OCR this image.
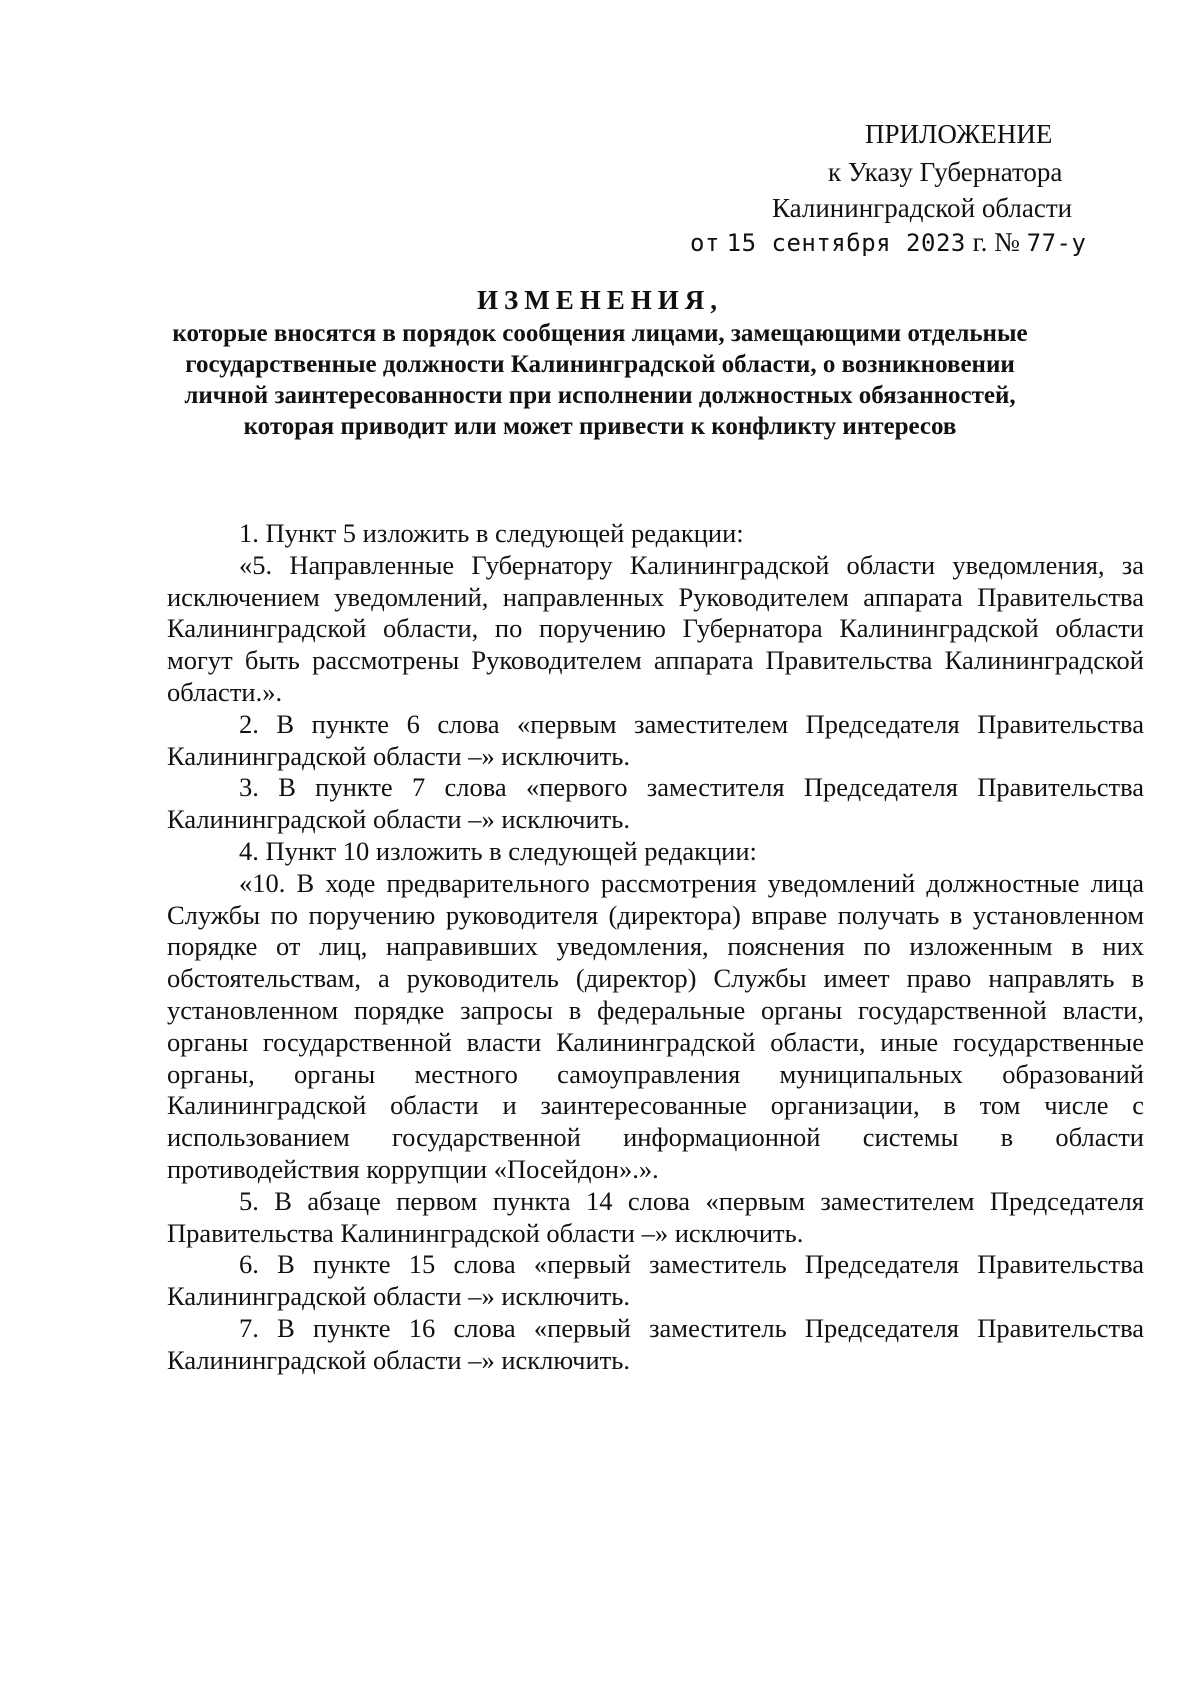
ПРИЛОЖЕНИЕ
к Указу Губернатора
Калининградской области
от 15 сентября 2023 г. № 77-у
ИЗМЕНЕНИЯ,
которые вносятся в порядок сообщения лицами, замещающими отдельные государственные должности Калининградской области, о возникновении личной заинтересованности при исполнении должностных обязанностей, которая приводит или может привести к конфликту интересов

1. Пункт 5 изложить в следующей редакции:

«5. Направленные Губернатору Калининградской области уведомления, за исключением уведомлений, направленных Руководителем аппарата Правительства Калининградской области, по поручению Губернатора Калининградской области могут быть рассмотрены Руководителем аппарата Правительства Калининградской области.».

2. В пункте 6 слова «первым заместителем Председателя Правительства Калининградской области –» исключить.

3. В пункте 7 слова «первого заместителя Председателя Правительства Калининградской области –» исключить.

4. Пункт 10 изложить в следующей редакции:

«10. В ходе предварительного рассмотрения уведомлений должностные лица Службы по поручению руководителя (директора) вправе получать в установленном порядке от лиц, направивших уведомления, пояснения по изложенным в них обстоятельствам, а руководитель (директор) Службы имеет право направлять в установленном порядке запросы в федеральные органы государственной власти, органы государственной власти Калининградской области, иные государственные органы, органы местного самоуправления муниципальных образований Калининградской области и заинтересованные организации, в том числе с использованием государственной информационной системы в области противодействия коррупции «Посейдон».».

5. В абзаце первом пункта 14 слова «первым заместителем Председателя Правительства Калининградской области –» исключить.

6. В пункте 15 слова «первый заместитель Председателя Правительства Калининградской области –» исключить.

7. В пункте 16 слова «первый заместитель Председателя Правительства Калининградской области –» исключить.
